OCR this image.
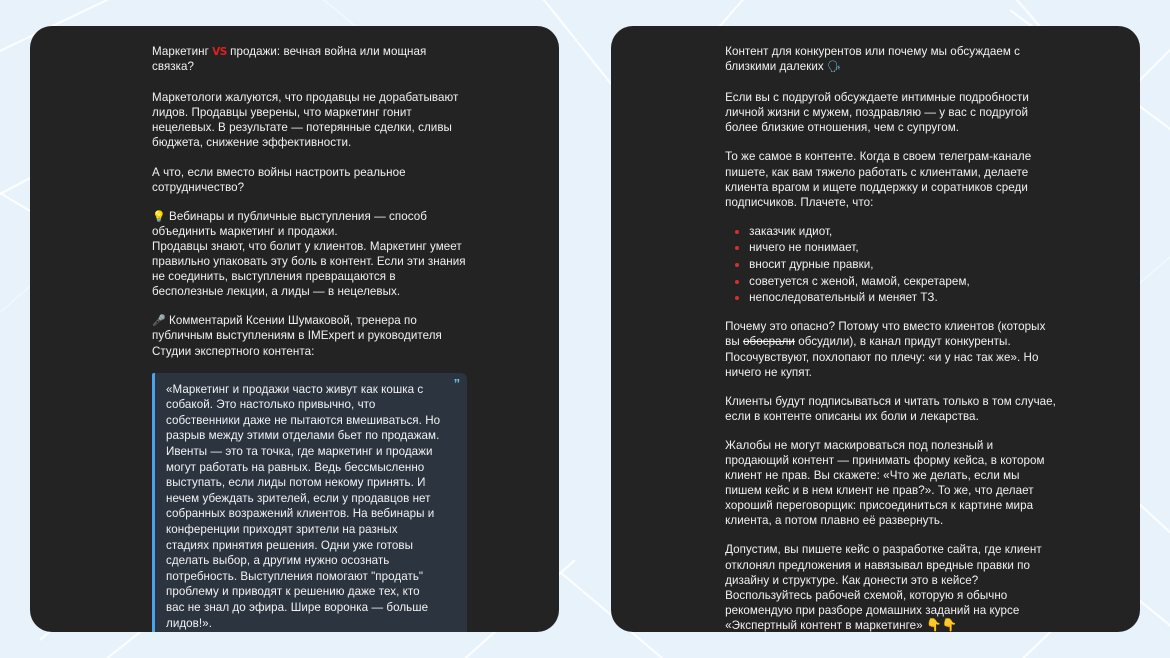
Маркетинг VS продажи: вечная война или мощная связка?

Маркетологи жалуются, что продавцы не дорабатывают лидов. Продавцы уверены, что маркетинг гонит нецелевых. В результате — потерянные сделки, сливы бюджета, снижение эффективности.

А что, если вместо войны настроить реальное сотрудничество?

💡 Вебинары и публичные выступления — способ объединить маркетинг и продажи.

Продавцы знают, что болит у клиентов. Маркетинг умеет правильно упаковать эту боль в контент. Если эти знания не соединить, выступления превращаются в бесполезные лекции, а лиды — в нецелевых.

🎤 Комментарий Ксении Шумаковой, тренера по публичным выступлениям в IMExpert и руководителя Студии экспертного контента:

”

«Маркетинг и продажи часто живут как кошка с собакой. Это настолько привычно, что собственники даже не пытаются вмешиваться. Но разрыв между этими отделами бьет по продажам. Ивенты — это та точка, где маркетинг и продажи могут работать на равных. Ведь бессмысленно выступать, если лиды потом некому принять. И нечем убеждать зрителей, если у продавцов нет собранных возражений клиентов. На вебинары и конференции приходят зрители на разных стадиях принятия решения. Одни уже готовы сделать выбор, а другим нужно осознать потребность. Выступления помогают "продать" проблему и приводят к решению даже тех, кто вас не знал до эфира. Шире воронка — больше лидов!».

Контент для конкурентов или почему мы обсуждаем с близкими далеких 🗣

Если вы с подругой обсуждаете интимные подробности личной жизни с мужем, поздравляю — у вас с подругой более близкие отношения, чем с супругом.

То же самое в контенте. Когда в своем телеграм-канале пишете, как вам тяжело работать с клиентами, делаете клиента врагом и ищете поддержку и соратников среди подписчиков. Плачете, что:

заказчик идиот,
ничего не понимает,
вносит дурные правки,
советуется с женой, мамой, секретарем,
непоследовательный и меняет ТЗ.

Почему это опасно? Потому что вместо клиентов (которых вы обосрали обсудили), в канал придут конкуренты. Посочувствуют, похлопают по плечу: «и у нас так же». Но ничего не купят.

Клиенты будут подписываться и читать только в том случае, если в контенте описаны их боли и лекарства.

Жалобы не могут маскироваться под полезный и продающий контент — принимать форму кейса, в котором клиент не прав. Вы скажете: «Что же делать, если мы пишем кейс и в нем клиент не прав?». То же, что делает хороший переговорщик: присоединиться к картине мира клиента, а потом плавно её развернуть.

Допустим, вы пишете кейс о разработке сайта, где клиент отклонял предложения и навязывал вредные правки по дизайну и структуре. Как донести это в кейсе?

Воспользуйтесь рабочей схемой, которую я обычно рекомендую при разборе домашних заданий на курсе «Экспертный контент в маркетинге» 👇👇
